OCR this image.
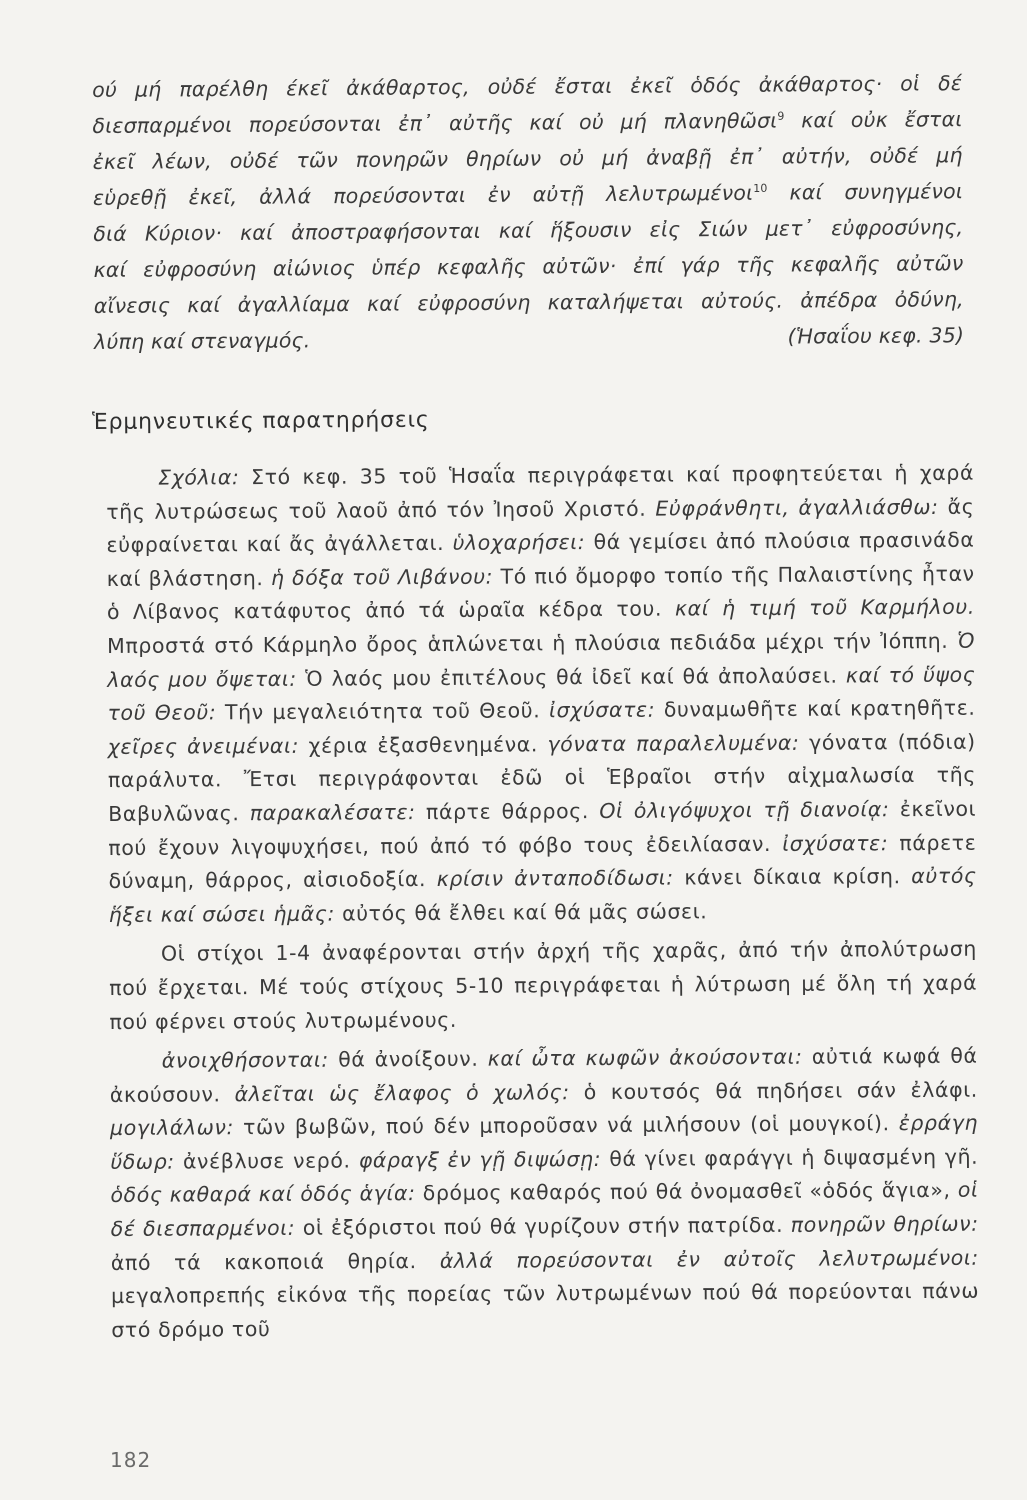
ού μή παρέλθη έκεῖ ἀκάθαρτος, οὐδέ ἔσται ἐκεῖ ὁδός ἀκάθαρτος· οἱ δέ
διεσπαρμένοι πορεύσονται ἐπ᾽ αὐτῆς καί οὐ μή πλανηθῶσι$^9$ καί οὐκ ἔσται
ἐκεῖ λέων, οὐδέ τῶν πονηρῶν θηρίων οὐ μή ἀναβῇ ἐπ᾽ αὐτήν, οὐδέ μή
εὑρεθῇ ἐκεῖ, ἀλλά πορεύσονται ἐν αὐτῇ λελυτρωμένοι$^{10}$ καί συνηγμένοι
διά Κύριον· καί ἀποστραφήσονται καί ἥξουσιν εἰς Σιών μετ᾽ εὐφροσύνης,
καί εὐφροσύνη αἰώνιος ὑπέρ κεφαλῆς αὐτῶν· ἐπί γάρ τῆς κεφαλῆς αὐτῶν
αἴνεσις καί ἀγαλλίαμα καί εὐφροσύνη καταλήψεται αὐτούς. ἀπέδρα ὀδύνη,
λύπη καί στεναγμός.	(Ἡσαΐου κεφ. 35)
Ἑρμηνευτικές παρατηρήσεις

Σχόλια: Στό κεφ. 35 τοῦ Ἡσαΐα περιγράφεται καί προφητεύεται ἡ χαρά τῆς λυτρώσεως τοῦ λαοῦ ἀπό τόν Ἰησοῦ Χριστό. Εὐφράνθητι, ἀγαλλιάσθω: ἄς εὐφραίνεται καί ἄς ἀγάλλεται. ὑλοχαρήσει: θά γεμίσει ἀπό πλούσια πρασινάδα καί βλάστηση. ἡ δόξα τοῦ Λιβάνου: Τό πιό ὄμορφο τοπίο τῆς Παλαιστίνης ἦταν ὁ Λίβανος κατάφυτος ἀπό τά ὡραῖα κέδρα του. καί ἡ τιμή τοῦ Καρμήλου. Μπροστά στό Κάρμηλο ὄρος ἁπλώνεται ἡ πλούσια πεδιάδα μέχρι τήν Ἰόππη. Ὁ λαός μου ὄψεται: Ὁ λαός μου ἐπιτέλους θά ἰδεῖ καί θά ἀπολαύσει. καί τό ὕψος τοῦ Θεοῦ: Τήν μεγαλειότητα τοῦ Θεοῦ. ἰσχύσατε: δυναμωθῆτε καί κρατηθῆτε. χεῖρες ἀνειμέναι: χέρια ἐξασθενημένα. γόνατα παραλελυμένα: γόνατα (πόδια) παράλυτα. Ἔτσι περιγράφονται ἐδῶ οἱ Ἑβραῖοι στήν αἰχμαλωσία τῆς Βαβυλῶνας. παρακαλέσατε: πάρτε θάρρος. Οἱ ὀλιγόψυχοι τῇ διανοίᾳ: ἐκεῖνοι πού ἔχουν λιγοψυχήσει, πού ἀπό τό φόβο τους ἐδειλίασαν. ἰσχύσατε: πάρετε δύναμη, θάρρος, αἰσιοδοξία. κρίσιν ἀνταποδίδωσι: κάνει δίκαια κρίση. αὐτός ἥξει καί σώσει ἡμᾶς: αὐτός θά ἔλθει καί θά μᾶς σώσει.

Οἱ στίχοι 1-4 ἀναφέρονται στήν ἀρχή τῆς χαρᾶς, ἀπό τήν ἀπολύτρωση πού ἔρχεται. Μέ τούς στίχους 5-10 περιγράφεται ἡ λύτρωση μέ ὅλη τή χαρά πού φέρνει στούς λυτρωμένους.

ἀνοιχθήσονται: θά ἀνοίξουν. καί ὦτα κωφῶν ἀκούσονται: αὐτιά κωφά θά ἀκούσουν. ἀλεῖται ὡς ἔλαφος ὁ χωλός: ὁ κουτσός θά πηδήσει σάν ἐλάφι. μογιλάλων: τῶν βωβῶν, πού δέν μποροῦσαν νά μιλήσουν (οἱ μουγκοί). ἐρράγη ὕδωρ: ἀνέβλυσε νερό. φάραγξ ἐν γῇ διψώσῃ: θά γίνει φαράγγι ἡ διψασμένη γῆ. ὁδός καθαρά καί ὁδός ἁγία: δρόμος καθαρός πού θά ὀνομασθεῖ «ὁδός ἅγια», οἱ δέ διεσπαρμένοι: οἱ ἐξόριστοι πού θά γυρίζουν στήν πατρίδα. πονηρῶν θηρίων: ἀπό τά κακοποιά θηρία. ἀλλά πορεύσονται ἐν αὐτοῖς λελυτρωμένοι: μεγαλοπρεπής εἰκόνα τῆς πορείας τῶν λυτρωμένων πού θά πορεύονται πάνω στό δρόμο τοῦ

182
